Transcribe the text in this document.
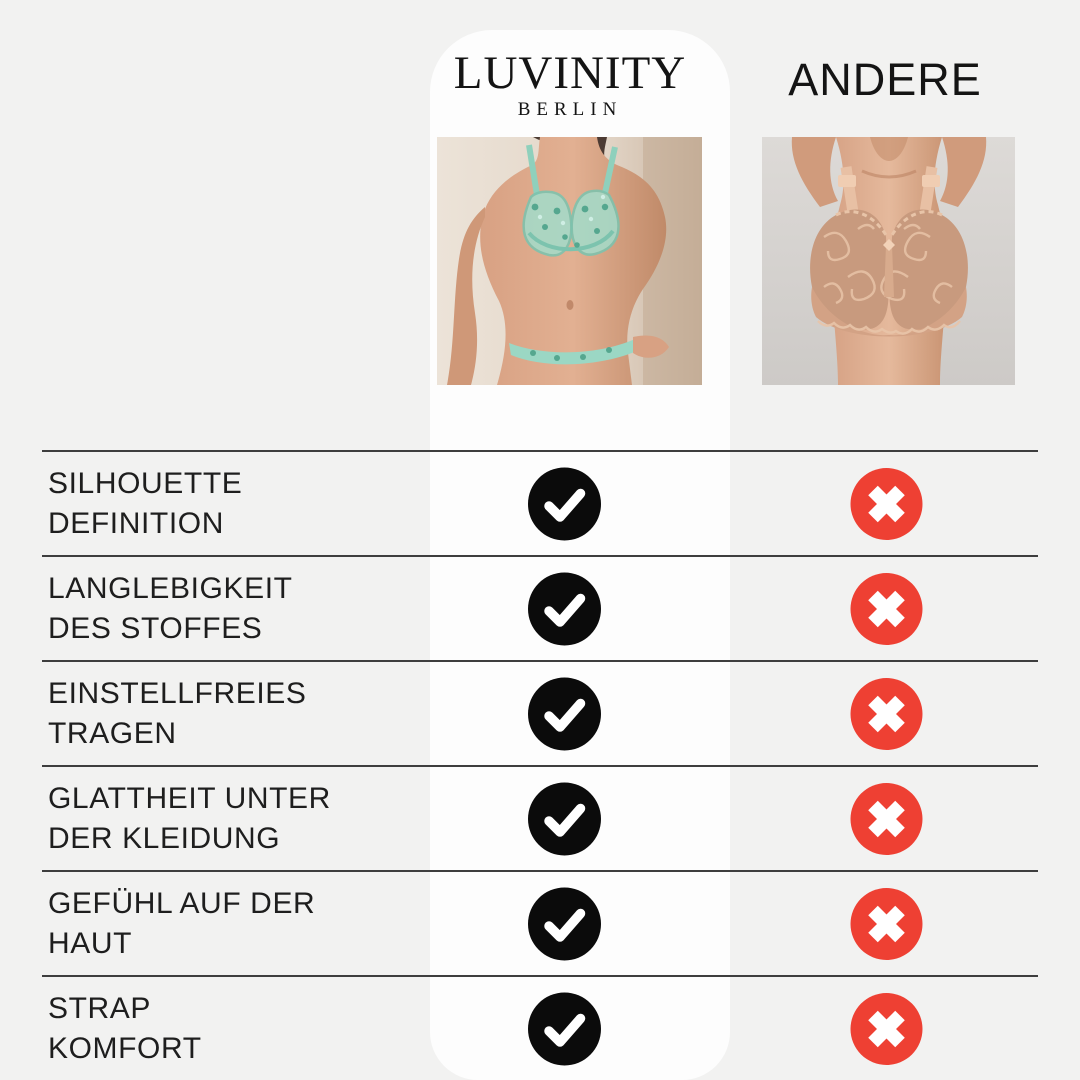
LUVINITY
BERLIN
ANDERE
SILHOUETTE
DEFINITION
LANGLEBIGKEIT
DES STOFFES
EINSTELLFREIES
TRAGEN
GLATTHEIT UNTER
DER KLEIDUNG
GEFÜHL AUF DER
HAUT
STRAP
KOMFORT
